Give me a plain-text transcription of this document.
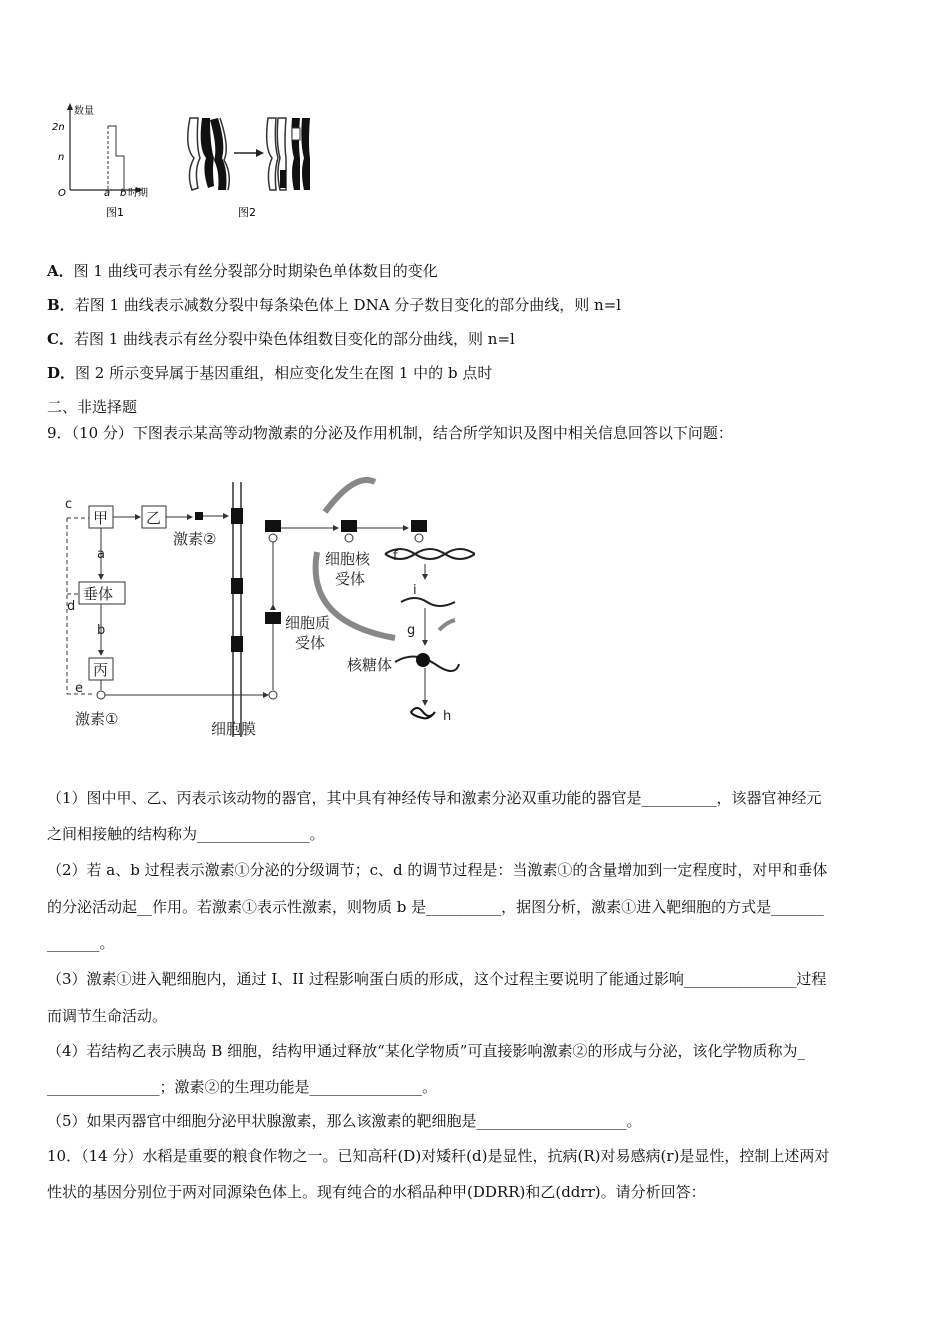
数量
2n
n
O	a b 时期
图1	图2
A．图 1 曲线可表示有丝分裂部分时期染色单体数目的变化
B．若图 1 曲线表示减数分裂中每条染色体上 DNA 分子数目变化的部分曲线，则 n=l
C．若图 1 曲线表示有丝分裂中染色体组数目变化的部分曲线，则 n=l
D．图 2 所示变异属于基因重组，相应变化发生在图 1 中的 b 点时
二、非选择题
9．（10 分）下图表示某高等动物激素的分泌及作用机制，结合所学知识及图中相关信息回答以下问题：
c
d
e
甲	乙
激素②
a
垂体
b
丙
激素①
细胞膜
细胞质
受体
细胞核
受体
f
i
g
核糖体
h
（1）图中甲、乙、丙表示该动物的器官，其中具有神经传导和激素分泌双重功能的器官是__________，该器官神经元
之间相接触的结构称为_______________。
（2）若 a、b 过程表示激素①分泌的分级调节；c、d 的调节过程是：当激素①的含量增加到一定程度时，对甲和垂体
的分泌活动起__作用。若激素①表示性激素，则物质 b 是__________，据图分析，激素①进入靶细胞的方式是_______
_______。
（3）激素①进入靶细胞内，通过 I、II 过程影响蛋白质的形成，这个过程主要说明了能通过影响_______________过程
而调节生命活动。
（4）若结构乙表示胰岛 B 细胞，结构甲通过释放“某化学物质”可直接影响激素②的形成与分泌，该化学物质称为_
_______________；激素②的生理功能是_______________。
（5）如果丙器官中细胞分泌甲状腺激素，那么该激素的靶细胞是____________________。
10．（14 分）水稻是重要的粮食作物之一。已知高秆(D)对矮秆(d)是显性，抗病(R)对易感病(r)是显性，控制上述两对
性状的基因分别位于两对同源染色体上。现有纯合的水稻品种甲(DDRR)和乙(ddrr)。请分析回答：
